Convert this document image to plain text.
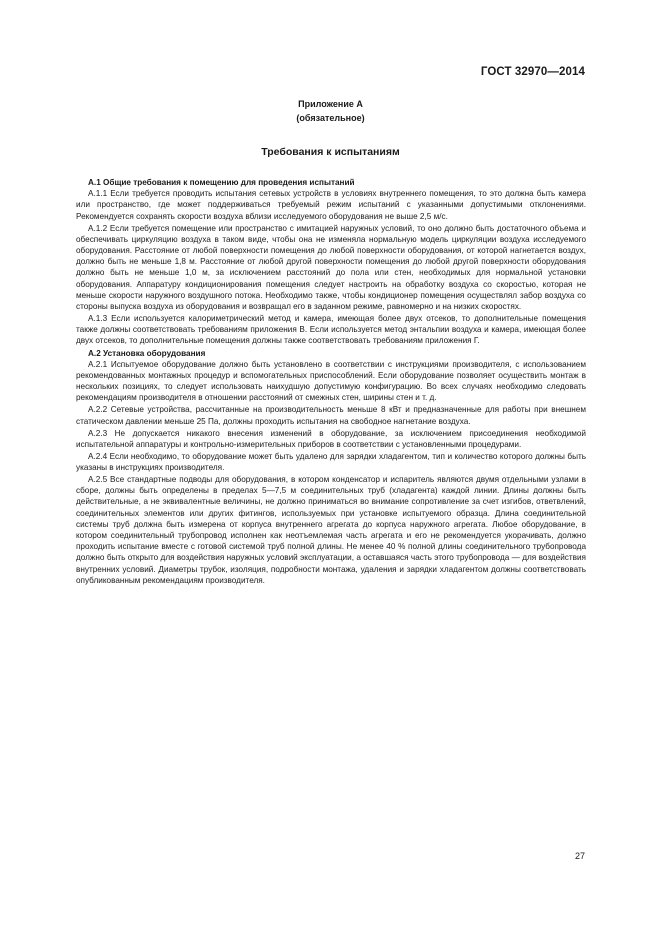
ГОСТ 32970—2014
Приложение А
(обязательное)
Требования к испытаниям
А.1 Общие требования к помещению для проведения испытаний

А.1.1 Если требуется проводить испытания сетевых устройств в условиях внутреннего помещения, то это должна быть камера или пространство, где может поддерживаться требуемый режим испытаний с указанными допустимыми отклонениями. Рекомендуется сохранять скорости воздуха вблизи исследуемого оборудования не выше 2,5 м/с.

А.1.2 Если требуется помещение или пространство с имитацией наружных условий, то оно должно быть достаточного объема и обеспечивать циркуляцию воздуха в таком виде, чтобы она не изменяла нормальную модель циркуляции воздуха исследуемого оборудования. Расстояние от любой поверхности помещения до любой поверхности оборудования, от которой нагнетается воздух, должно быть не меньше 1,8 м. Расстояние от любой другой поверхности помещения до любой другой поверхности оборудования должно быть не меньше 1,0 м, за исключением расстояний до пола или стен, необходимых для нормальной установки оборудования. Аппаратуру кондиционирования помещения следует настроить на обработку воздуха со скоростью, которая не меньше скорости наружного воздушного потока. Необходимо также, чтобы кондиционер помещения осуществлял забор воздуха со стороны выпуска воздуха из оборудования и возвращал его в заданном режиме, равномерно и на низких скоростях.

А.1.3 Если используется калориметрический метод и камера, имеющая более двух отсеков, то дополнительные помещения также должны соответствовать требованиям приложения В. Если используется метод энтальпии воздуха и камера, имеющая более двух отсеков, то дополнительные помещения должны также соответствовать требованиям приложения Г.

А.2 Установка оборудования

А.2.1 Испытуемое оборудование должно быть установлено в соответствии с инструкциями производителя, с использованием рекомендованных монтажных процедур и вспомогательных приспособлений. Если оборудование позволяет осуществить монтаж в нескольких позициях, то следует использовать наихудшую допустимую конфигурацию. Во всех случаях необходимо следовать рекомендациям производителя в отношении расстояний от смежных стен, ширины стен и т. д.

А.2.2 Сетевые устройства, рассчитанные на производительность меньше 8 кВт и предназначенные для работы при внешнем статическом давлении меньше 25 Па, должны проходить испытания на свободное нагнетание воздуха.

А.2.3 Не допускается никакого внесения изменений в оборудование, за исключением присоединения необходимой испытательной аппаратуры и контрольно-измерительных приборов в соответствии с установленными процедурами.

А.2.4 Если необходимо, то оборудование может быть удалено для зарядки хладагентом, тип и количество которого должны быть указаны в инструкциях производителя.

А.2.5 Все стандартные подводы для оборудования, в котором конденсатор и испаритель являются двумя отдельными узлами в сборе, должны быть определены в пределах 5—7,5 м соединительных труб (хладагента) каждой линии. Длины должны быть действительные, а не эквивалентные величины, не должно приниматься во внимание сопротивление за счет изгибов, ответвлений, соединительных элементов или других фитингов, используемых при установке испытуемого образца. Длина соединительной системы труб должна быть измерена от корпуса внутреннего агрегата до корпуса наружного агрегата. Любое оборудование, в котором соединительный трубопровод исполнен как неотъемлемая часть агрегата и его не рекомендуется укорачивать, должно проходить испытание вместе с готовой системой труб полной длины. Не менее 40 % полной длины соединительного трубопровода должно быть открыто для воздействия наружных условий эксплуатации, а оставшаяся часть этого трубопровода — для воздействия внутренних условий. Диаметры трубок, изоляция, подробности монтажа, удаления и зарядки хладагентом должны соответствовать опубликованным рекомендациям производителя.

27
